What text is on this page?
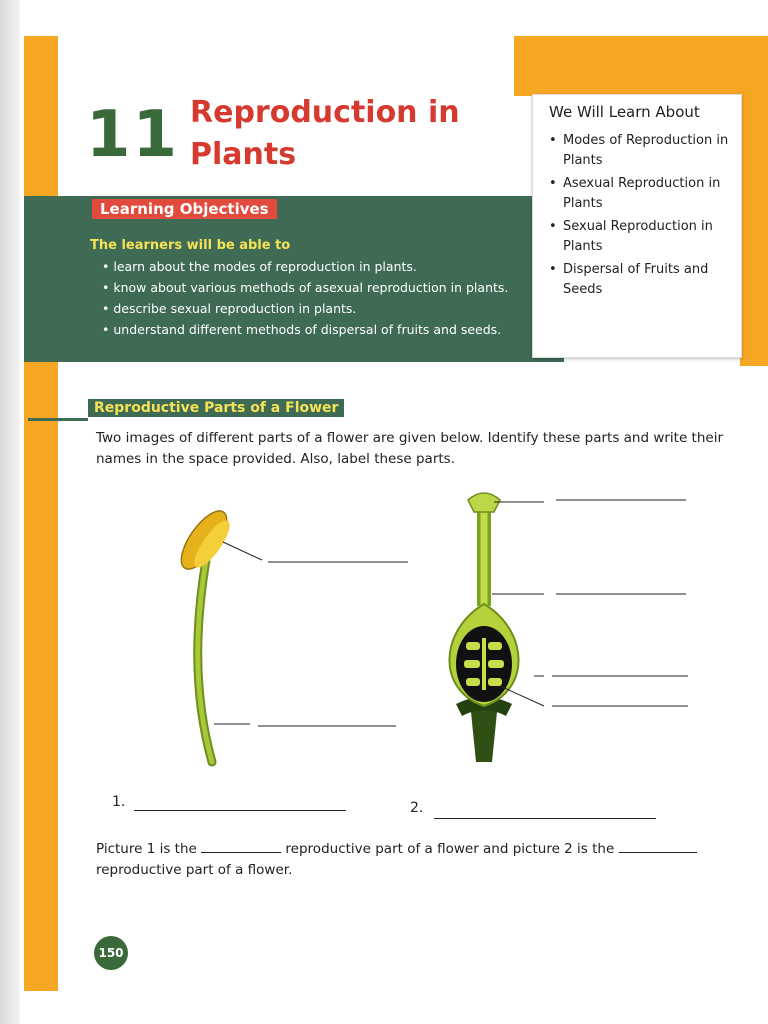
11 Reproduction in
Plants
Learning Objectives
The learners will be able to
• learn about the modes of reproduction in plants.
• know about various methods of asexual reproduction in plants.
• describe sexual reproduction in plants.
• understand different methods of dispersal of fruits and seeds.
We Will Learn About
• Modes of Reproduction in Plants
• Asexual Reproduction in Plants
• Sexual Reproduction in Plants
• Dispersal of Fruits and Seeds
Reproductive Parts of a Flower
Two images of different parts of a flower are given below. Identify these parts and write their names in the space provided. Also, label these parts.
1.	2.
Picture 1 is the	reproductive part of a flower and picture 2 is the
reproductive part of a flower.
150
